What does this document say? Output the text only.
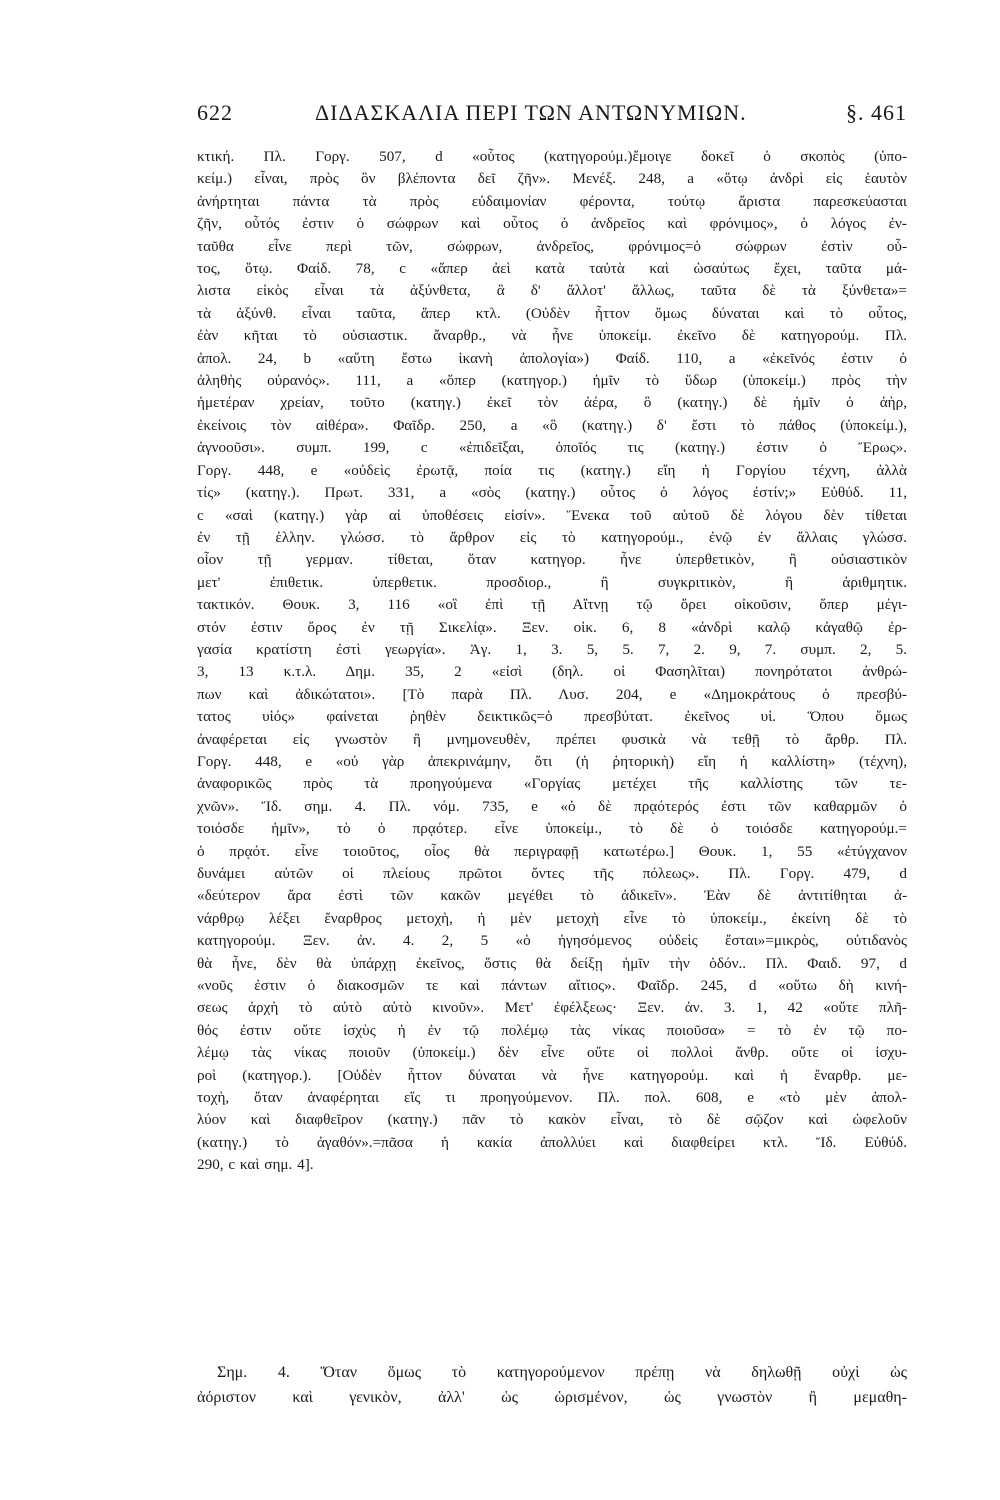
622	ΔΙΔΑΣΚΑΛΙΑ ΠΕΡΙ ΤΩΝ ΑΝΤΩΝΥΜΙΩΝ.	§. 461
κτική. Πλ. Γοργ. 507, d «οὗτος (κατηγορούμ.)ἔμοιγε δοκεῖ ὁ σκοπὸς (ὑπο-
κείμ.) εἶναι, πρὸς ὃν βλέποντα δεῖ ζῆν». Μενέξ. 248, a «ὅτῳ ἀνδρὶ εἰς ἑαυτὸν
ἀνήρτηται πάντα τὰ πρὸς εὐδαιμονίαν φέροντα, τούτῳ ἄριστα παρεσκεύασται
ζῆν, οὗτός ἐστιν ὁ σώφρων καὶ οὗτος ὁ ἀνδρεῖος καὶ φρόνιμος», ὁ λόγος ἐν-
ταῦθα εἶνε περὶ τῶν, σώφρων, ἀνδρεῖος, φρόνιμος=ὁ σώφρων ἐστὶν οὗ-
τος, ὅτῳ. Φαίδ. 78, c «ἅπερ ἀεὶ κατὰ ταὐτὰ καὶ ὡσαύτως ἔχει, ταῦτα μά-
λιστα εἰκὸς εἶναι τὰ ἀξύνθετα, ἃ δ' ἄλλοτ' ἄλλως, ταῦτα δὲ τὰ ξύνθετα»=
τὰ ἀξύνθ. εἶναι ταῦτα, ἅπερ κτλ. (Οὐδὲν ἧττον ὅμως δύναται καὶ τὸ οὗτος,
ἐὰν κῆται τὸ οὐσιαστικ. ἄναρθρ., νὰ ἦνε ὑποκείμ. ἐκεῖνο δὲ κατηγορούμ. Πλ.
ἀπολ. 24, b «αὕτη ἔστω ἱκανὴ ἀπολογία») Φαίδ. 110, a «ἐκεῖνός ἐστιν ὁ
ἀληθὴς οὐρανός». 111, a «ὅπερ (κατηγορ.) ἡμῖν τὸ ὕδωρ (ὑποκείμ.) πρὸς τὴν
ἡμετέραν χρείαν, τοῦτο (κατηγ.) ἐκεῖ τὸν ἀέρα, ὃ (κατηγ.) δὲ ἡμῖν ὁ ἀὴρ,
ἐκείνοις τὸν αἰθέρα». Φαῖδρ. 250, a «ὃ (κατηγ.) δ' ἔστι τὸ πάθος (ὑποκείμ.),
ἀγνοοῦσι». συμπ. 199, c «ἐπιδεῖξαι, ὁποῖός τις (κατηγ.) ἐστιν ὁ Ἔρως».
Γοργ. 448, e «οὐδεὶς ἐρωτᾷ, ποία τις (κατηγ.) εἴη ἡ Γοργίου τέχνη, ἀλλὰ
τίς» (κατηγ.). Πρωτ. 331, a «σὸς (κατηγ.) οὗτος ὁ λόγος ἐστίν;» Εὐθύδ. 11,
c «σαὶ (κατηγ.) γὰρ αἱ ὑποθέσεις εἰσίν». Ἕνεκα τοῦ αὐτοῦ δὲ λόγου δὲν τίθεται
ἐν τῇ ἑλλην. γλώσσ. τὸ ἄρθρον εἰς τὸ κατηγορούμ., ἐνῷ ἐν ἄλλαις γλώσσ.
οἷον τῇ γερμαν. τίθεται, ὅταν κατηγορ. ἦνε ὑπερθετικὸν, ἢ οὐσιαστικὸν
μετ' ἐπιθετικ. ὑπερθετικ. προσδιορ., ἢ συγκριτικὸν, ἢ ἀριθμητικ.
τακτικόν. Θουκ. 3, 116 «οἳ ἐπὶ τῇ Αἴτνῃ τῷ ὄρει οἰκοῦσιν, ὅπερ μέγι-
στόν ἐστιν ὄρος ἐν τῇ Σικελίᾳ». Ξεν. οἰκ. 6, 8 «ἀνδρὶ καλῷ κἀγαθῷ ἐρ-
γασία κρατίστη ἐστὶ γεωργία». Ἀγ. 1, 3. 5, 5. 7, 2. 9, 7. συμπ. 2, 5.
3, 13 κ.τ.λ. Δημ. 35, 2 «εἰσὶ (δηλ. οἱ Φασηλῖται) πονηρότατοι ἀνθρώ-
πων καὶ ἀδικώτατοι». [Τὸ παρὰ Πλ. Λυσ. 204, e «Δημοκράτους ὁ πρεσβύ-
τατος υἱός» φαίνεται ῥηθὲν δεικτικῶς=ὁ πρεσβύτατ. ἐκεῖνος υἱ. Ὅπου ὅμως
ἀναφέρεται εἰς γνωστὸν ἢ μνημονευθὲν, πρέπει φυσικὰ νὰ τεθῇ τὸ ἄρθρ. Πλ.
Γοργ. 448, e «οὐ γὰρ ἀπεκρινάμην, ὅτι (ἡ ῥητορικὴ) εἴη ἡ καλλίστη» (τέχνη),
ἀναφορικῶς πρὸς τὰ προηγούμενα «Γοργίας μετέχει τῆς καλλίστης τῶν τε-
χνῶν». Ἴδ. σημ. 4. Πλ. νόμ. 735, e «ὁ δὲ πρᾳότερός ἐστι τῶν καθαρμῶν ὁ
τοιόσδε ἡμῖν», τὸ ὁ πρᾳότερ. εἶνε ὑποκείμ., τὸ δὲ ὁ τοιόσδε κατηγορούμ.=
ὁ πρᾳότ. εἶνε τοιοῦτος, οἷος θὰ περιγραφῇ κατωτέρω.] Θουκ. 1, 55 «ἐτύγχανον
δυνάμει αὐτῶν οἱ πλείους πρῶτοι ὄντες τῆς πόλεως». Πλ. Γοργ. 479, d
«δεύτερον ἄρα ἐστὶ τῶν κακῶν μεγέθει τὸ ἀδικεῖν». Ἐὰν δὲ ἀντιτίθηται ἀ-
νάρθρῳ λέξει ἔναρθρος μετοχὴ, ἡ μὲν μετοχὴ εἶνε τὸ ὑποκείμ., ἐκείνη δὲ τὸ
κατηγορούμ. Ξεν. ἀν. 4. 2, 5 «ὁ ἡγησόμενος οὐδεὶς ἔσται»=μικρὸς, οὐτιδανὸς
θὰ ἦνε, δὲν θὰ ὑπάρχῃ ἐκεῖνος, ὅστις θὰ δείξῃ ἡμῖν τὴν ὁδόν.. Πλ. Φαιδ. 97, d
«νοῦς ἐστιν ὁ διακοσμῶν τε καὶ πάντων αἴτιος». Φαῖδρ. 245, d «οὕτω δὴ κινή-
σεως ἀρχὴ τὸ αὐτὸ αὑτὸ κινοῦν». Μετ' ἐφέλξεως· Ξεν. ἀν. 3. 1, 42 «οὔτε πλῆ-
θός ἐστιν οὔτε ἰσχὺς ἡ ἐν τῷ πολέμῳ τὰς νίκας ποιοῦσα» = τὸ ἐν τῷ πο-
λέμῳ τὰς νίκας ποιοῦν (ὑποκείμ.) δὲν εἶνε οὔτε οἱ πολλοὶ ἄνθρ. οὔτε οἱ ἰσχυ-
ροὶ (κατηγορ.). [Οὐδὲν ἧττον δύναται νὰ ἦνε κατηγορούμ. καὶ ἡ ἔναρθρ. με-
τοχὴ, ὅταν ἀναφέρηται εἴς τι προηγούμενον. Πλ. πολ. 608, e «τὸ μὲν ἀπολ-
λύον καὶ διαφθεῖρον (κατηγ.) πᾶν τὸ κακὸν εἶναι, τὸ δὲ σῷζον καὶ ὠφελοῦν
(κατηγ.) τὸ ἀγαθόν».=πᾶσα ἡ κακία ἀπολλύει καὶ διαφθείρει κτλ. Ἴδ. Εὐθύδ.
290, c καὶ σημ. 4].
Σημ. 4. Ὅταν ὅμως τὸ κατηγορούμενον πρέπῃ νὰ δηλωθῇ οὐχὶ ὡς
ἀόριστον καὶ γενικὸν, ἀλλ' ὡς ὡρισμένον, ὡς γνωστὸν ἢ μεμαθη-
